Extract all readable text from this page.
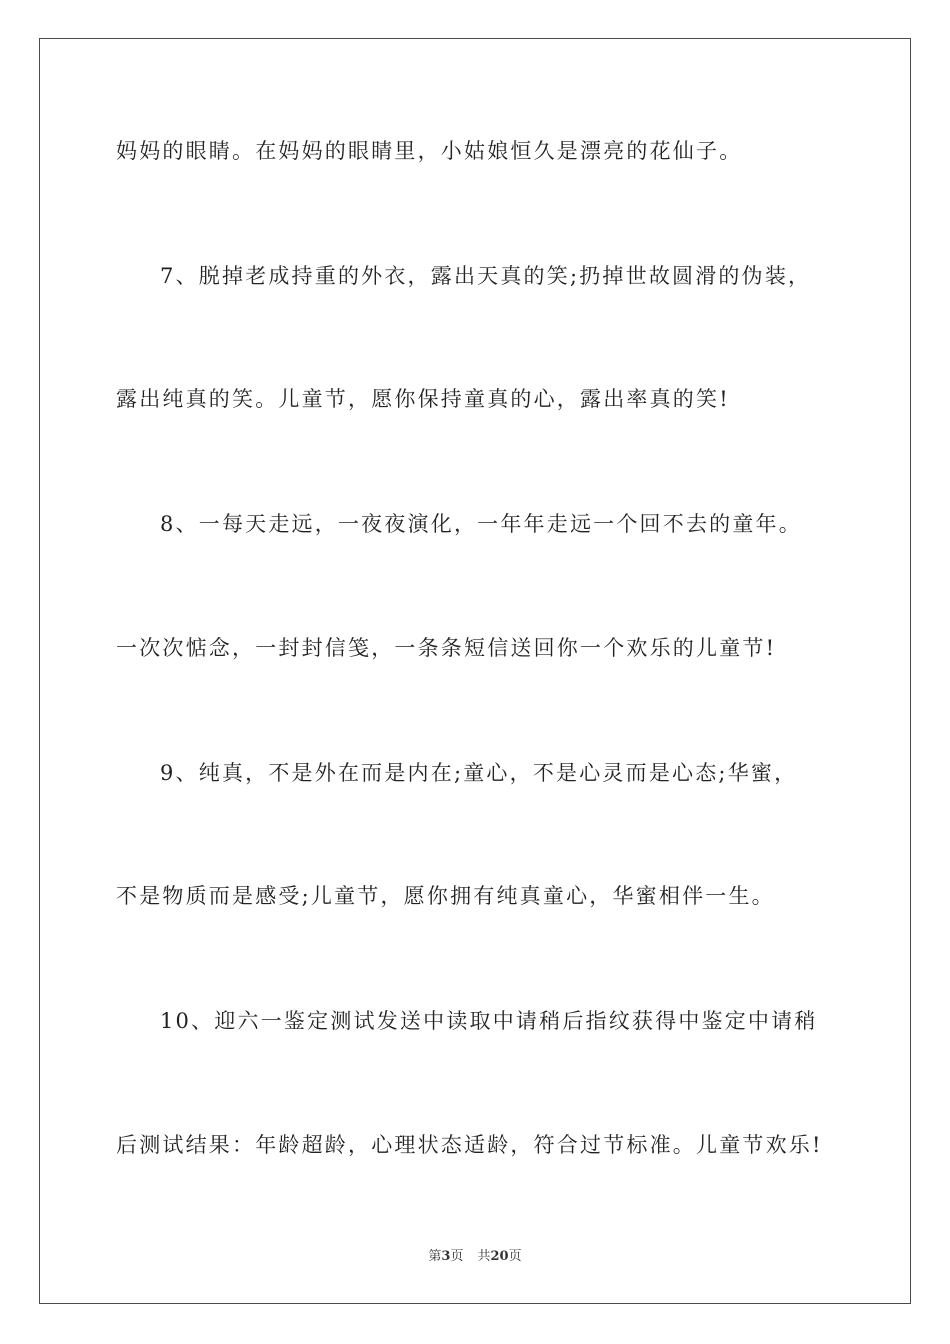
妈妈的眼睛。在妈妈的眼睛里，小姑娘恒久是漂亮的花仙子。
7、脱掉老成持重的外衣，露出天真的笑;扔掉世故圆滑的伪装，
露出纯真的笑。儿童节，愿你保持童真的心，露出率真的笑!
8、一每天走远，一夜夜演化，一年年走远一个回不去的童年。
一次次惦念，一封封信笺，一条条短信送回你一个欢乐的儿童节!
9、纯真，不是外在而是内在;童心，不是心灵而是心态;华蜜，
不是物质而是感受;儿童节，愿你拥有纯真童心，华蜜相伴一生。
10、迎六一鉴定测试发送中读取中请稍后指纹获得中鉴定中请稍
后测试结果：年龄超龄，心理状态适龄，符合过节标准。儿童节欢乐!
第3页 共20页
